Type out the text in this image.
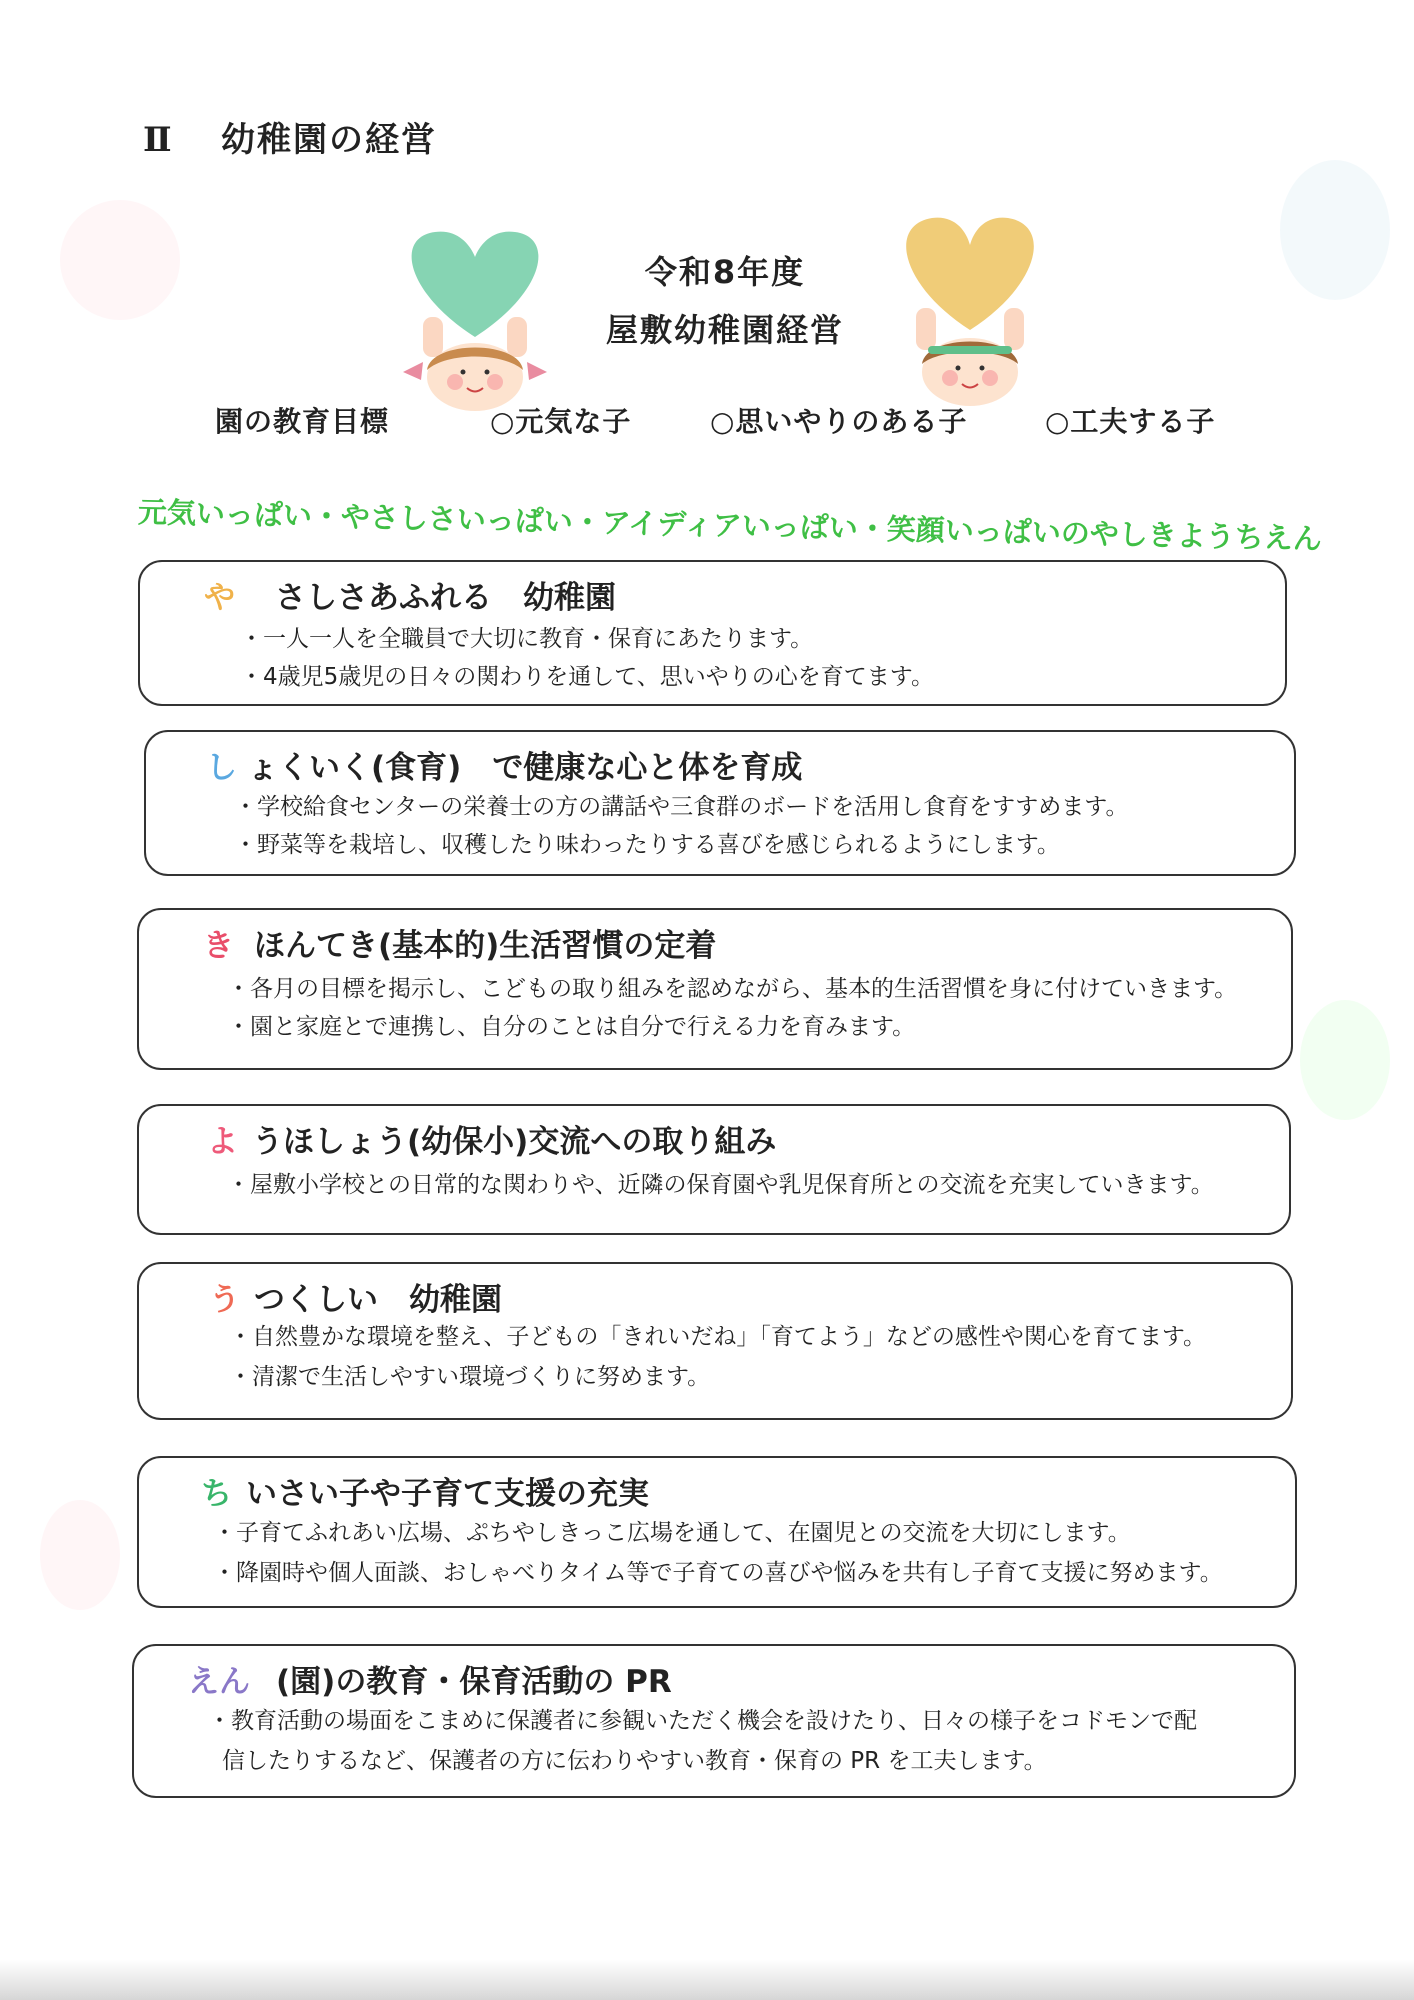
Ⅱ 幼稚園の経営
令和8年度
屋敷幼稚園経営
園の教育目標	○元気な子	○思いやりのある子	○工夫する子
元気いっぱい・やさしさいっぱい・アイディアいっぱい・笑顔いっぱいのやしきようちえん
や さしさあふれる　幼稚園
・一人一人を全職員で大切に教育・保育にあたります。
・4歳児5歳児の日々の関わりを通して、思いやりの心を育てます。
し ょくいく(食育)　で健康な心と体を育成
・学校給食センターの栄養士の方の講話や三食群のボードを活用し食育をすすめます。
・野菜等を栽培し、収穫したり味わったりする喜びを感じられるようにします。
き ほんてき(基本的)生活習慣の定着
・各月の目標を掲示し、こどもの取り組みを認めながら、基本的生活習慣を身に付けていきます。
・園と家庭とで連携し、自分のことは自分で行える力を育みます。
よ うほしょう(幼保小)交流への取り組み
・屋敷小学校との日常的な関わりや、近隣の保育園や乳児保育所との交流を充実していきます。
う つくしい　幼稚園
・自然豊かな環境を整え、子どもの「きれいだね」「育てよう」などの感性や関心を育てます。
・清潔で生活しやすい環境づくりに努めます。
ち いさい子や子育て支援の充実
・子育てふれあい広場、ぷちやしきっこ広場を通して、在園児との交流を大切にします。
・降園時や個人面談、おしゃべりタイム等で子育ての喜びや悩みを共有し子育て支援に努めます。
えん (園)の教育・保育活動の PR
・教育活動の場面をこまめに保護者に参観いただく機会を設けたり、日々の様子をコドモンで配
信したりするなど、保護者の方に伝わりやすい教育・保育の PR を工夫します。
